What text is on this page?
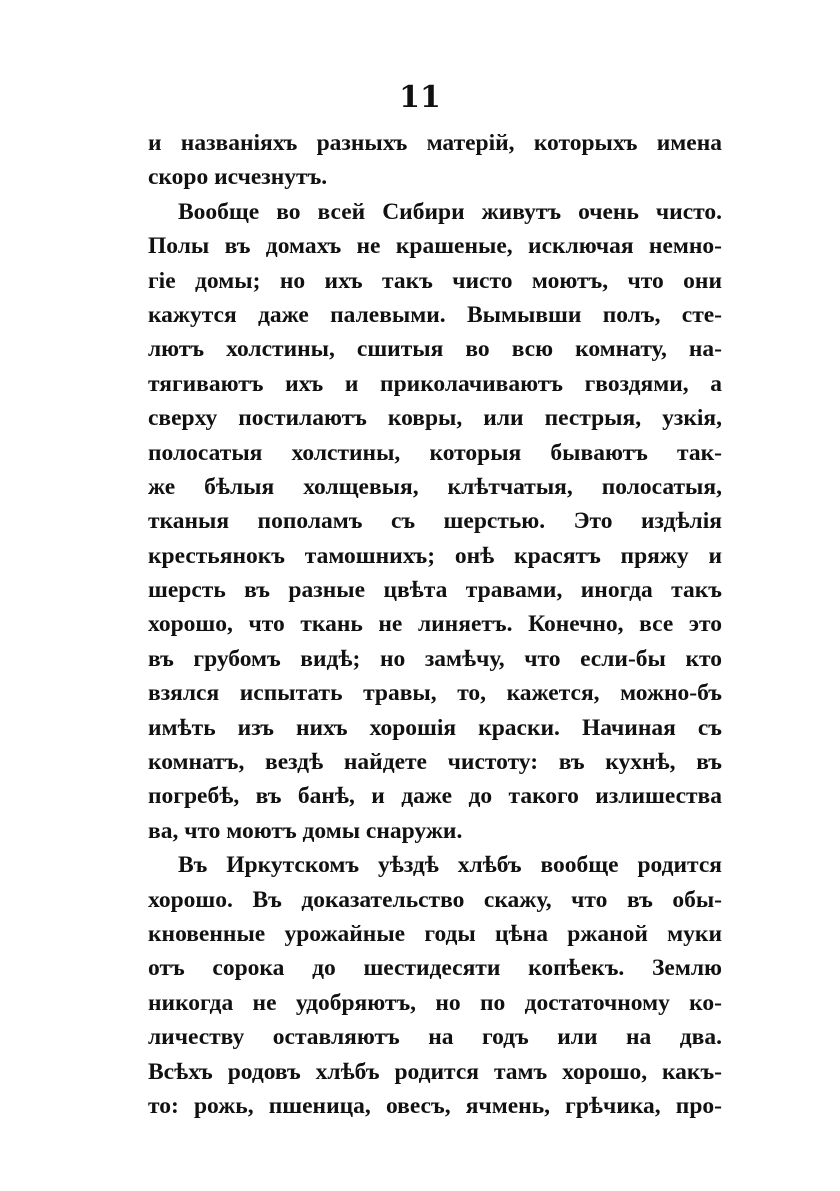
11
и названіяхъ разныхъ матерій, которыхъ имена
скоро исчезнутъ.
Вообще во всей Сибири живутъ очень чисто.
Полы въ домахъ не крашеные, исключая немно-
гіе домы; но ихъ такъ чисто моютъ, что они
кажутся даже палевыми. Вымывши полъ, сте-
лютъ холстины, сшитыя во всю комнату, на-
тягиваютъ ихъ и приколачиваютъ гвоздями, а
сверху постилаютъ ковры, или пестрыя, узкія,
полосатыя холстины, которыя бываютъ так-
же бѣлыя холщевыя, клѣтчатыя, полосатыя,
тканыя пополамъ съ шерстью. Это издѣлія
крестьянокъ тамошнихъ; онѣ красятъ пряжу и
шерсть въ разные цвѣта травами, иногда такъ
хорошо, что ткань не линяетъ. Конечно, все это
въ грубомъ видѣ; но замѣчу, что если-бы кто
взялся испытать травы, то, кажется, можно-бъ
имѣть изъ нихъ хорошія краски. Начиная съ
комнатъ, вездѣ найдете чистоту: въ кухнѣ, въ
погребѣ, въ банѣ, и даже до такого излишества
ва, что моютъ домы снаружи.
Въ Иркутскомъ уѣздѣ хлѣбъ вообще родится
хорошо. Въ доказательство скажу, что въ обы-
кновенные урожайные годы цѣна ржаной муки
отъ сорока до шестидесяти копѣекъ. Землю
никогда не удобряютъ, но по достаточному ко-
личеству оставляютъ на годъ или на два.
Всѣхъ родовъ хлѣбъ родится тамъ хорошо, какъ-
то: рожь, пшеница, овесъ, ячмень, грѣчика, про-
